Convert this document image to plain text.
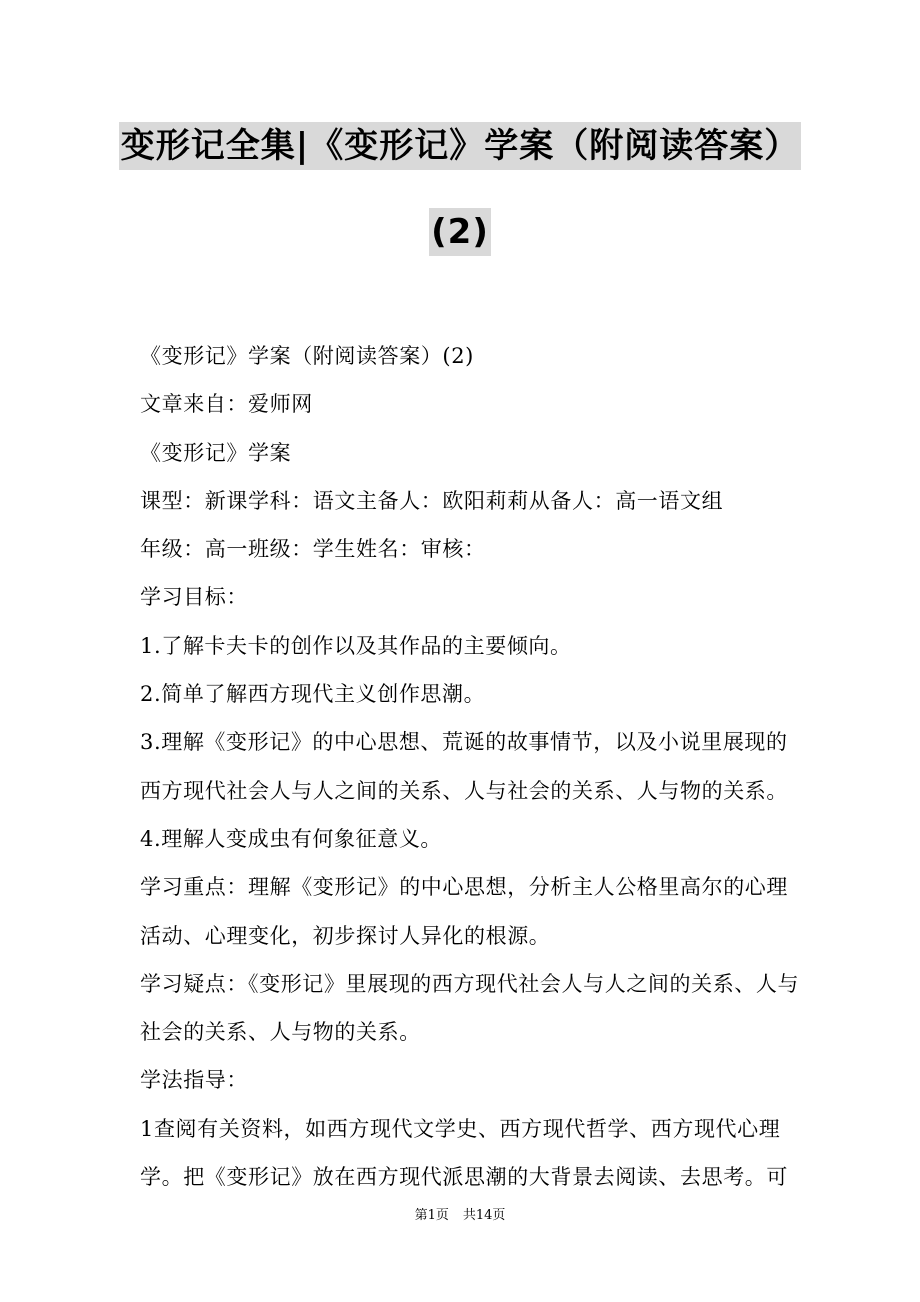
变形记全集|《变形记》学案（附阅读答案）
(2)

《变形记》学案（附阅读答案）(2)

文章来自：爱师网

《变形记》学案

课型：新课学科：语文主备人：欧阳莉莉从备人：高一语文组

年级：高一班级：学生姓名：审核：

学习目标：

1.了解卡夫卡的创作以及其作品的主要倾向。

2.简单了解西方现代主义创作思潮。

3.理解《变形记》的中心思想、荒诞的故事情节，以及小说里展现的西方现代社会人与人之间的关系、人与社会的关系、人与物的关系。

4.理解人变成虫有何象征意义。

学习重点：理解《变形记》的中心思想，分析主人公格里高尔的心理活动、心理变化，初步探讨人异化的根源。

学习疑点：《变形记》里展现的西方现代社会人与人之间的关系、人与社会的关系、人与物的关系。

学法指导：

1查阅有关资料，如西方现代文学史、西方现代哲学、西方现代心理学。把《变形记》放在西方现代派思潮的大背景去阅读、去思考。可

第1页 共14页
